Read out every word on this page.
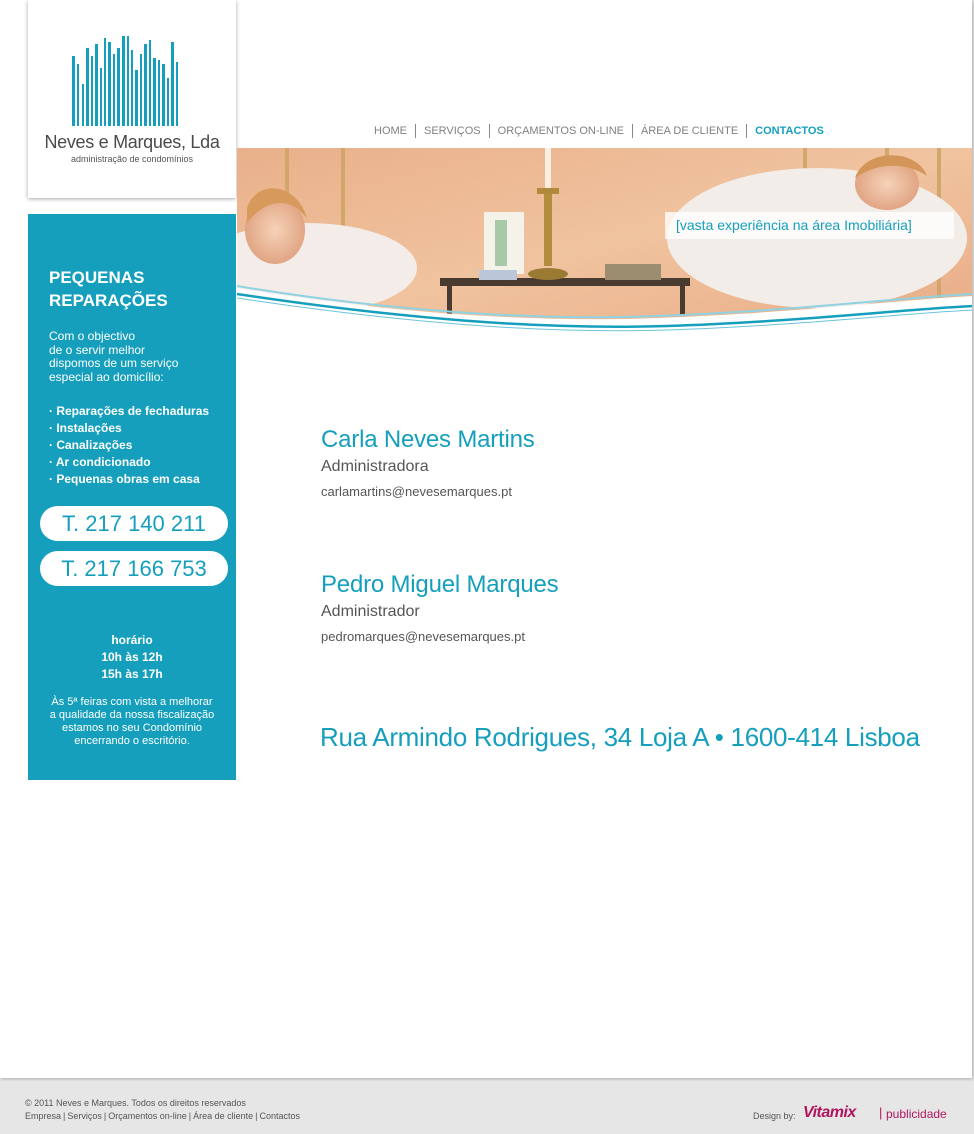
Neves e Marques, Lda
administração de condomínios
PEQUENAS
REPARAÇÕES
Com o objectivo
de o servir melhor
dispomos de um serviço
especial ao domicílio:
· Reparações de fechaduras
· Instalações
· Canalizações
· Ar condicionado
· Pequenas obras em casa
T. 217 140 211
T. 217 166 753
horário
10h às 12h
15h às 17h
Às 5ª feiras com vista a melhorar
a qualidade da nossa fiscalização
estamos no seu Condomínio
encerrando o escritório.
HOME	SERVIÇOS	ORÇAMENTOS ON-LINE	ÁREA DE CLIENTE	CONTACTOS
[vasta experiência na área Imobiliária]
Carla Neves Martins
Administradora
carlamartins@nevesemarques.pt
Pedro Miguel Marques
Administrador
pedromarques@nevesemarques.pt
Rua Armindo Rodrigues, 34 Loja A • 1600-414 Lisboa
© 2011 Neves e Marques. Todos os direitos reservados
Empresa | Serviços | Orçamentos on-line | Área de cliente | Contactos	Design by: Vitamix | publicidade
